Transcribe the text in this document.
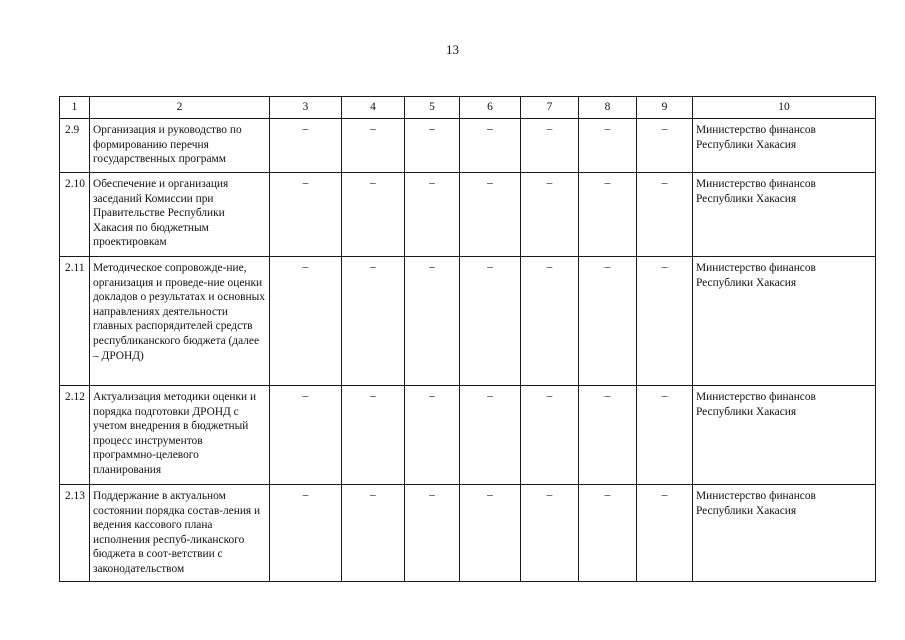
13
1	2	3	4	5	6	7	8	9	10
2.9	Организация и руководство по формированию перечня государственных программ	–	–	–	–	–	–	–	Министерство финансов Республики Хакасия
2.10	Обеспечение и организация заседаний Комиссии при Правительстве Республики Хакасия по бюджетным проектировкам	–	–	–	–	–	–	–	Министерство финансов Республики Хакасия
2.11	Методическое сопровожде-ние, организация и проведе-ние оценки докладов о результатах и основных направлениях деятельности главных распорядителей средств республиканского бюджета (далее – ДРОНД)	–	–	–	–	–	–	–	Министерство финансов Республики Хакасия
2.12	Актуализация методики оценки и порядка подготовки ДРОНД с учетом внедрения в бюджетный процесс инструментов программно-целевого планирования	–	–	–	–	–	–	–	Министерство финансов Республики Хакасия
2.13	Поддержание в актуальном состоянии порядка состав-ления и ведения кассового плана исполнения респуб-ликанского бюджета в соот-ветствии с законодательством	–	–	–	–	–	–	–	Министерство финансов Республики Хакасия
